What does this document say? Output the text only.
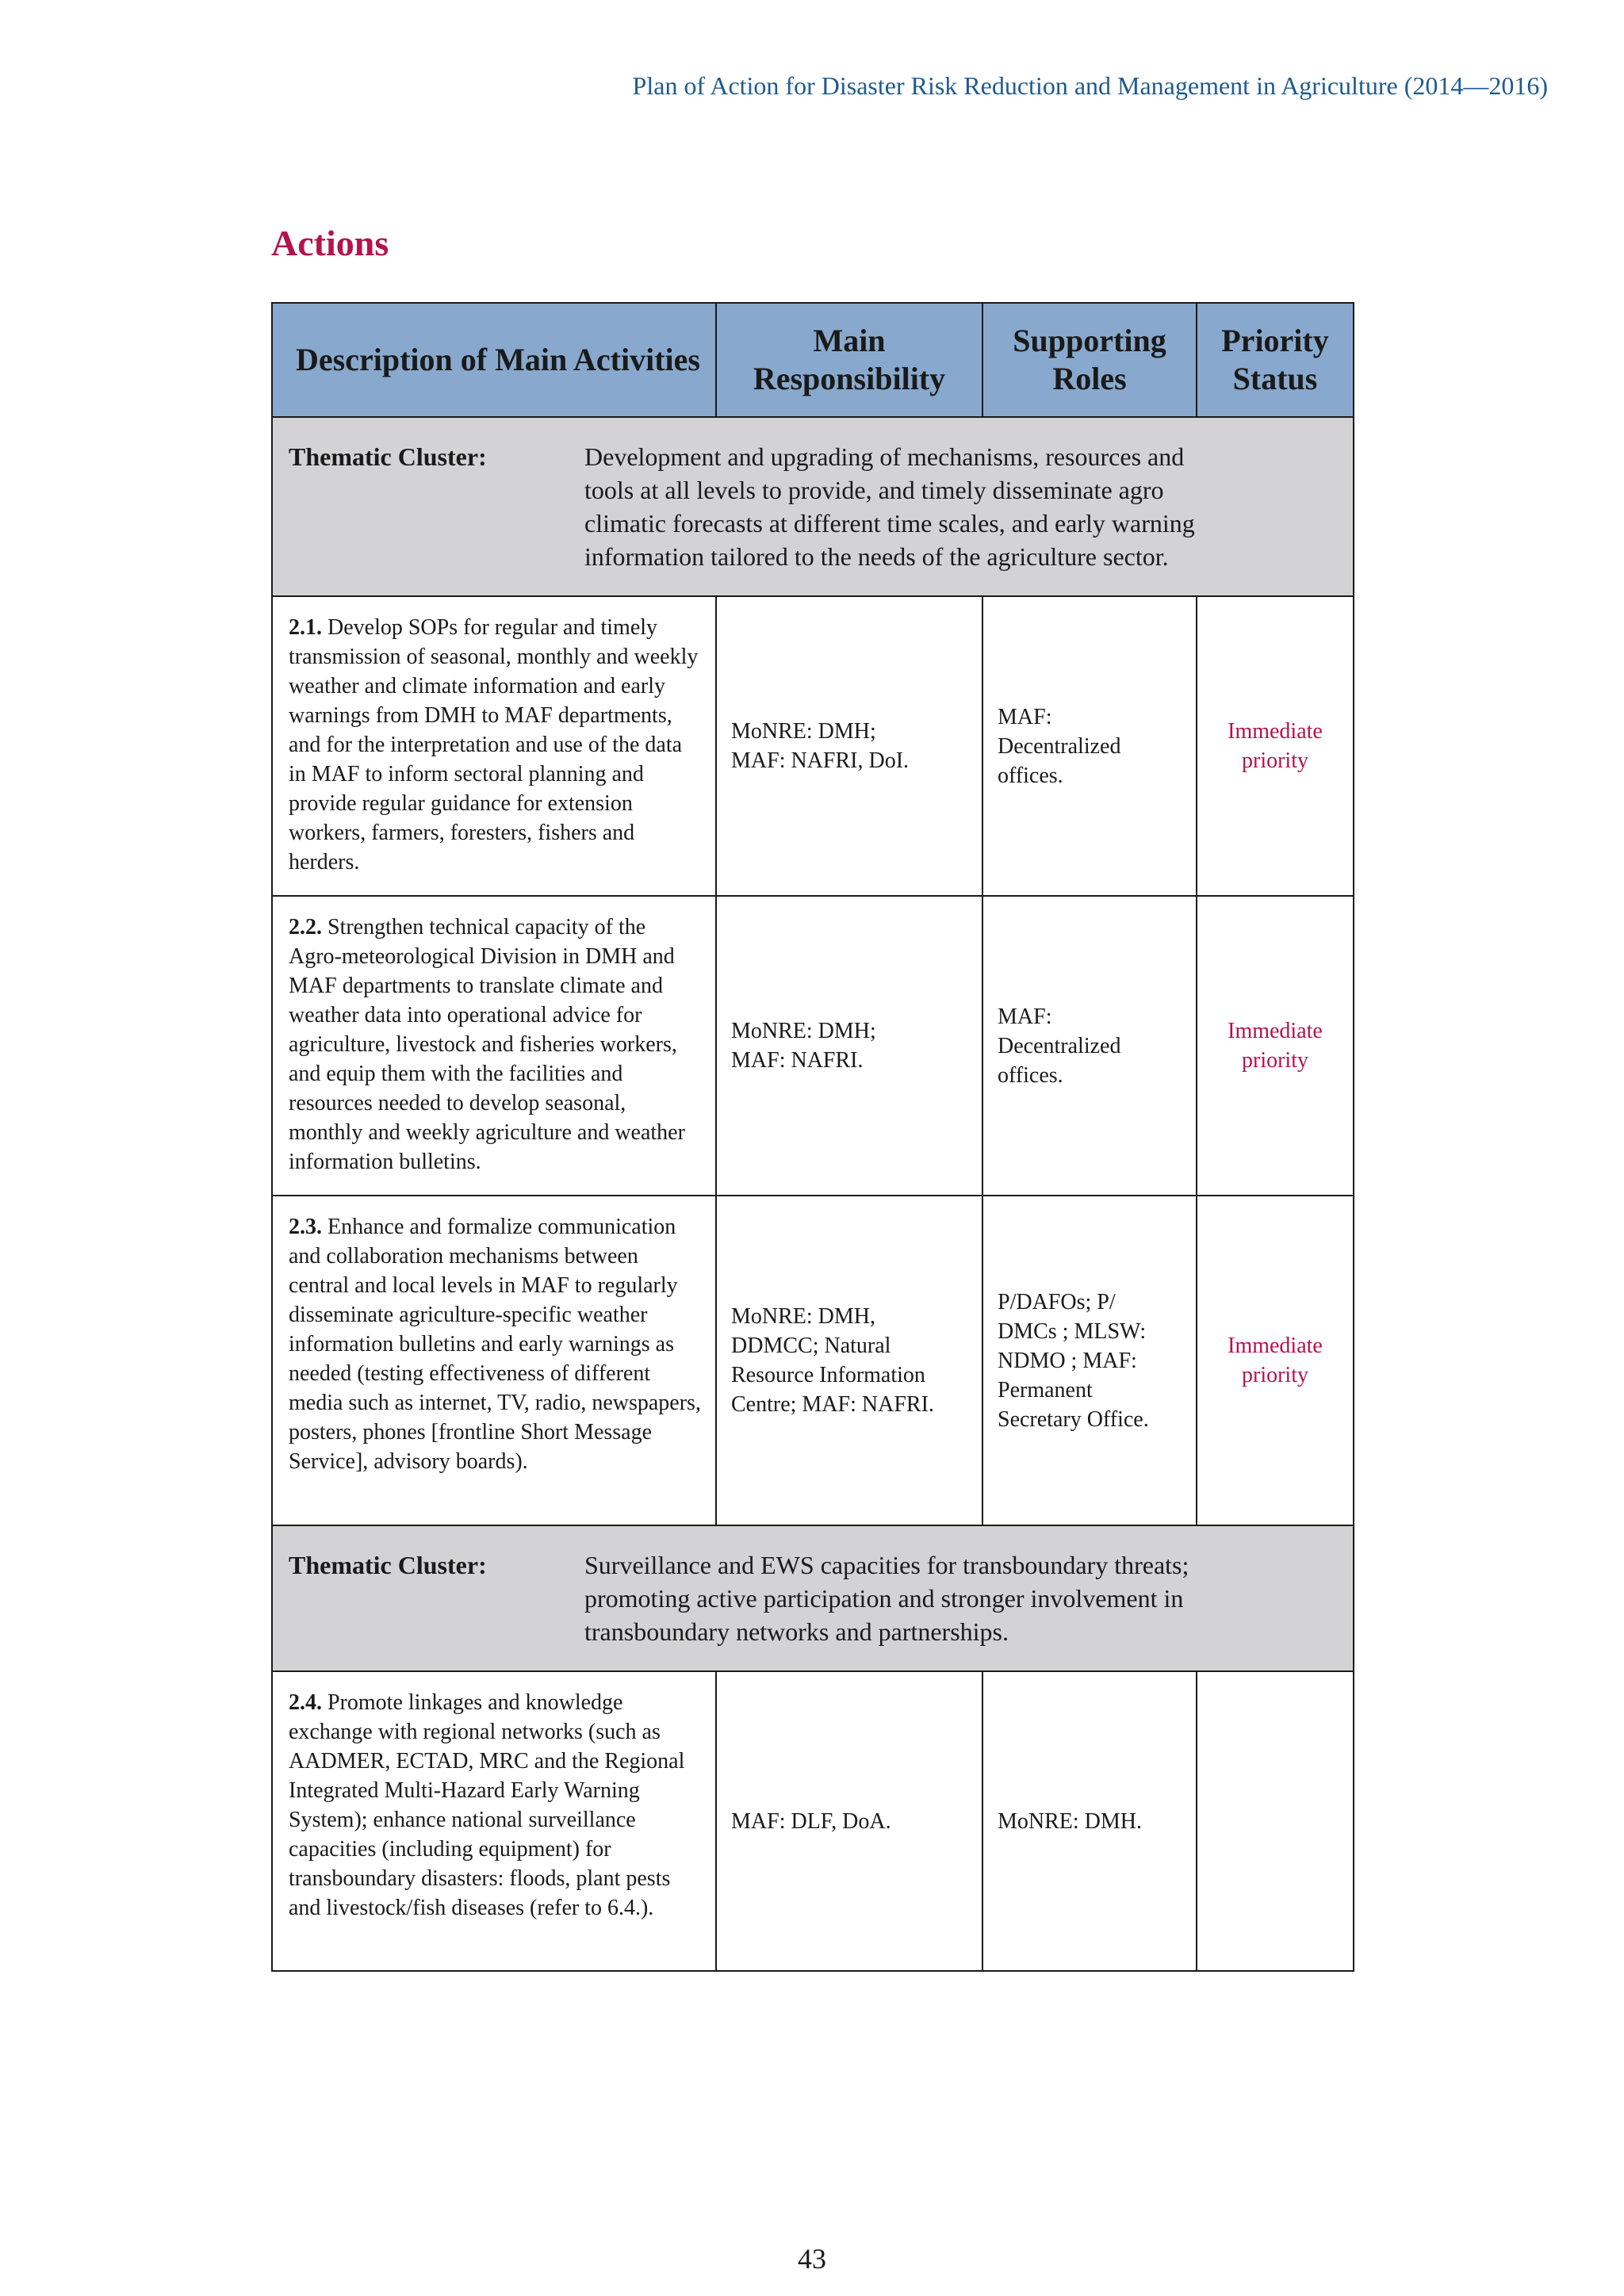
Plan of Action for Disaster Risk Reduction and Management in Agriculture (2014—2016)
Actions
Description of Main Activities	Main Responsibility	Supporting Roles	Priority Status

Thematic Cluster: Development and upgrading of mechanisms, resources and tools at all levels to provide, and timely disseminate agro climatic forecasts at different time scales, and early warning information tailored to the needs of the agriculture sector.			

2.1. Develop SOPs for regular and timely transmission of seasonal, monthly and weekly weather and climate information and early warnings from DMH to MAF departments, and for the interpretation and use of the data in MAF to inform sectoral planning and provide regular guidance for extension workers, farmers, foresters, fishers and herders.	MoNRE: DMH; MAF: NAFRI, DoI.	MAF: Decentralized offices.	Immediate priority

2.2. Strengthen technical capacity of the Agro-meteorological Division in DMH and MAF departments to translate climate and weather data into operational advice for agriculture, livestock and fisheries workers, and equip them with the facilities and resources needed to develop seasonal, monthly and weekly agriculture and weather information bulletins.	MoNRE: DMH; MAF: NAFRI.	MAF: Decentralized offices.	Immediate priority

2.3. Enhance and formalize communication and collaboration mechanisms between central and local levels in MAF to regularly disseminate agriculture-specific weather information bulletins and early warnings as needed (testing effectiveness of different media such as internet, TV, radio, newspapers, posters, phones [frontline Short Message Service], advisory boards).	MoNRE: DMH, DDMCC; Natural Resource Information Centre; MAF: NAFRI.	P/DAFOs; P/ DMCs ; MLSW: NDMO ; MAF: Permanent Secretary Office.	Immediate priority

Thematic Cluster: Surveillance and EWS capacities for transboundary threats; promoting active participation and stronger involvement in transboundary networks and partnerships.			

2.4. Promote linkages and knowledge exchange with regional networks (such as AADMER, ECTAD, MRC and the Regional Integrated Multi-Hazard Early Warning System); enhance national surveillance capacities (including equipment) for transboundary disasters: floods, plant pests and livestock/fish diseases (refer to 6.4.).	MAF: DLF, DoA.	MoNRE: DMH.	

43
